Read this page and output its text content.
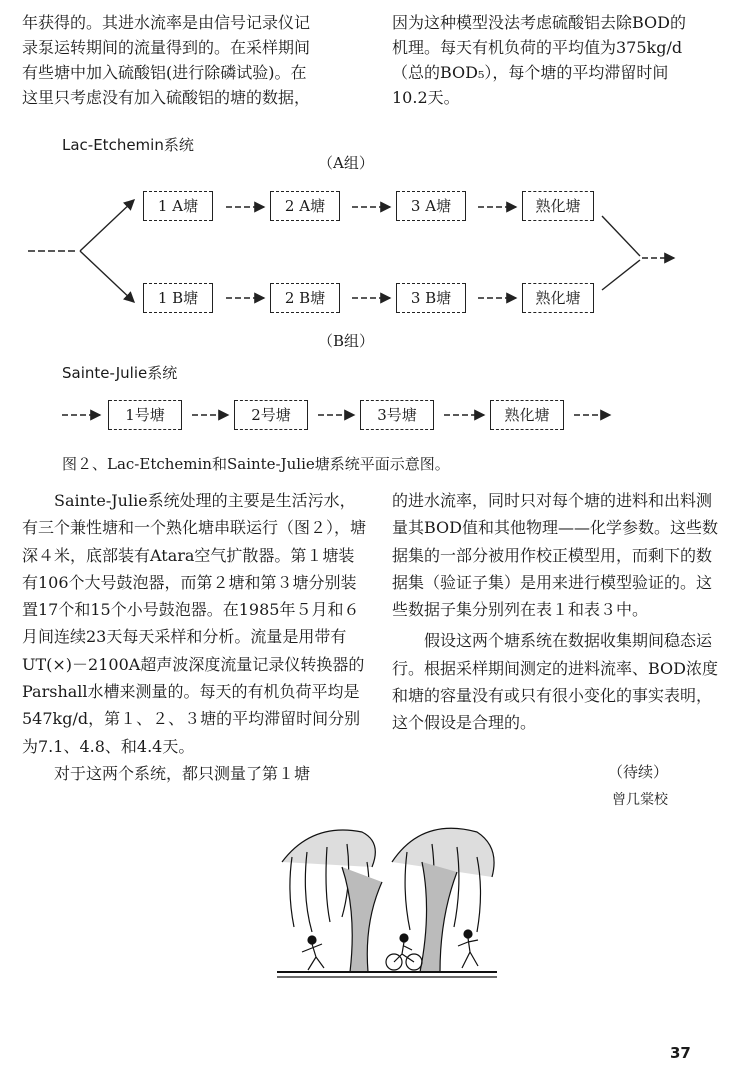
年获得的。其进水流率是由信号记录仪记

录泵运转期间的流量得到的。在采样期间

有些塘中加入硫酸铝(进行除磷试验)。在

这里只考虑没有加入硫酸铝的塘的数据，

因为这种模型没法考虑硫酸铝去除BOD的

机理。每天有机负荷的平均值为375kg/d

（总的BOD₅），每个塘的平均滞留时间

10.2天。

Lac-Etchemin系统
（A组）
1 A塘	2 A塘	3 A塘	熟化塘
1 B塘	2 B塘	3 B塘	熟化塘
（B组）
Sainte-Julie系统
1号塘	2号塘	3号塘	熟化塘
图２、Lac-Etchemin和Sainte-Julie塘系统平面示意图。

Sainte-Julie系统处理的主要是生活污水，有三个兼性塘和一个熟化塘串联运行（图２），塘深４米，底部装有Atara空气扩散器。第１塘装有106个大号鼓泡器，而第２塘和第３塘分别装置17个和15个小号鼓泡器。在1985年５月和６月间连续23天每天采样和分析。流量是用带有UT(×)－2100A超声波深度流量记录仪转换器的Parshall水槽来测量的。每天的有机负荷平均是547kg/d，第１、２、３塘的平均滞留时间分别为7.1、4.8、和4.4天。

对于这两个系统，都只测量了第１塘

的进水流率，同时只对每个塘的进料和出料测量其BOD值和其他物理——化学参数。这些数据集的一部分被用作校正模型用，而剩下的数据集（验证子集）是用来进行模型验证的。这些数据子集分别列在表１和表３中。

假设这两个塘系统在数据收集期间稳态运行。根据采样期间测定的进料流率、BOD浓度和塘的容量没有或只有很小变化的事实表明，这个假设是合理的。

（待续）
曾几棠校
37
